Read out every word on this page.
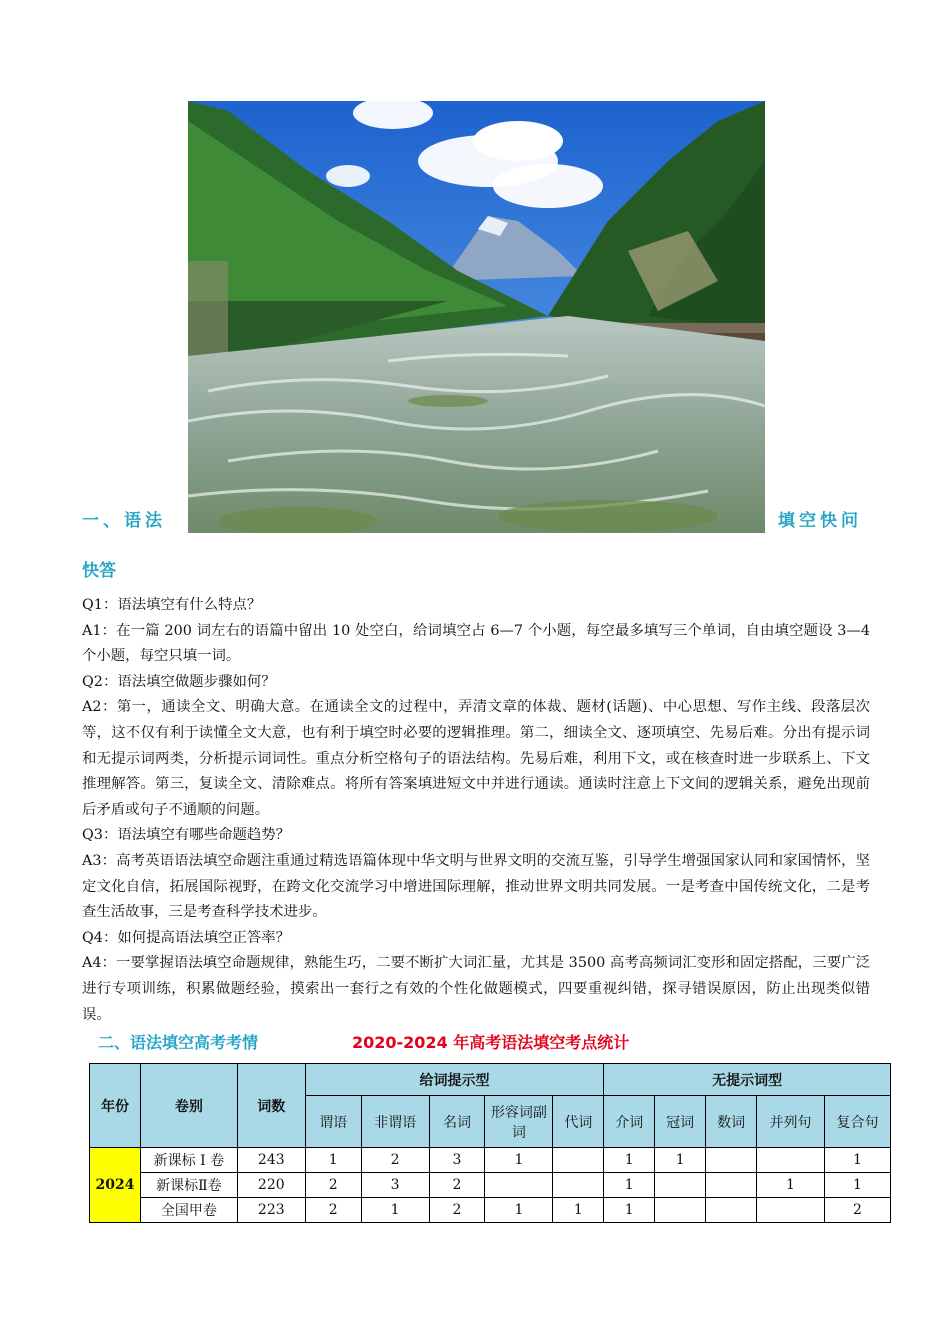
一、语法	填空快问
快答

Q1：语法填空有什么特点？

A1：在一篇 200 词左右的语篇中留出 10 处空白，给词填空占 6—7 个小题，每空最多填写三个单词，自由填空题设 3—4 个小题，每空只填一词。

Q2：语法填空做题步骤如何？

A2：第一，通读全文、明确大意。在通读全文的过程中，弄清文章的体裁、题材(话题)、中心思想、写作主线、段落层次等，这不仅有利于读懂全文大意，也有利于填空时必要的逻辑推理。第二，细读全文、逐项填空、先易后难。分出有提示词和无提示词两类，分析提示词词性。重点分析空格句子的语法结构。先易后难，利用下文，或在核查时进一步联系上、下文推理解答。第三，复读全文、清除难点。将所有答案填进短文中并进行通读。通读时注意上下文间的逻辑关系，避免出现前后矛盾或句子不通顺的问题。

Q3：语法填空有哪些命题趋势？

A3：高考英语语法填空命题注重通过精选语篇体现中华文明与世界文明的交流互鉴，引导学生增强国家认同和家国情怀，坚定文化自信，拓展国际视野，在跨文化交流学习中增进国际理解，推动世界文明共同发展。一是考查中国传统文化，二是考查生活故事，三是考查科学技术进步。

Q4：如何提高语法填空正答率？

A4：一要掌握语法填空命题规律，熟能生巧，二要不断扩大词汇量，尤其是 3500 高考高频词汇变形和固定搭配，三要广泛进行专项训练，积累做题经验，摸索出一套行之有效的个性化做题模式，四要重视纠错，探寻错误原因，防止出现类似错误。

二、语法填空高考考情	2020-2024 年高考语法填空考点统计
年份	卷别	词数	给词提示型					无提示词型				
			谓语	非谓语	名词	形容词副词	代词	介词	冠词	数词	并列句	复合句
2024	新课标 I 卷	243	1	2	3	1		1	1			1
	新课标Ⅱ卷	220	2	3	2			1			1	1
	全国甲卷	223	2	1	2	1	1	1				2
